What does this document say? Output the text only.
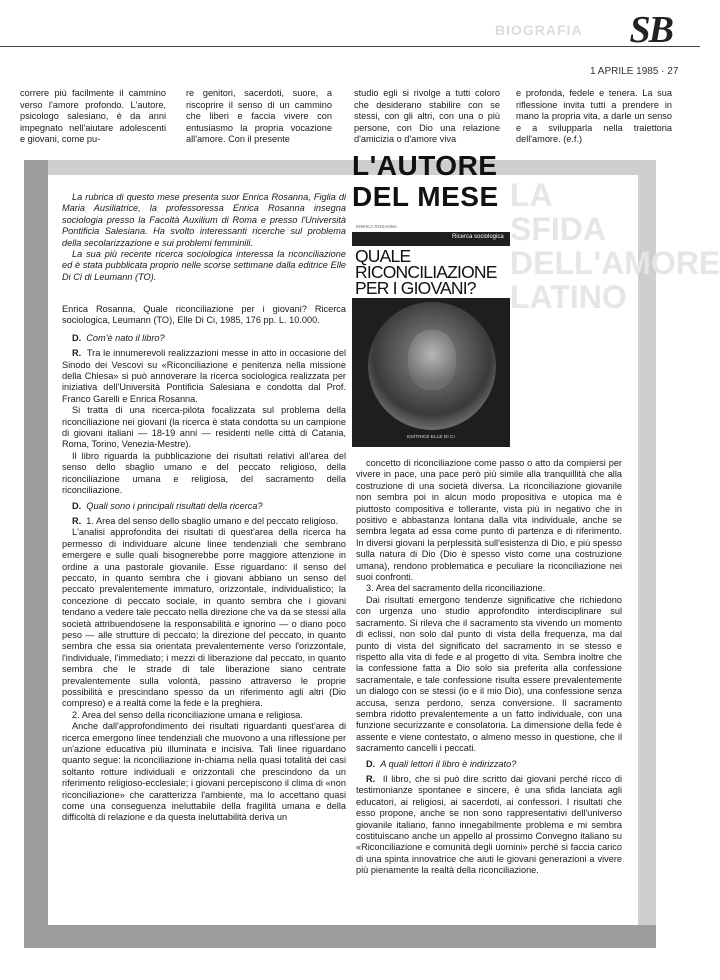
BIOGRAFIA SB
1 APRILE 1985 · 27

correre più facilmente il cammino verso l'amore profondo. L'autore, psicologo salesiano, è da anni impegnato nell'aiutare adolescenti e giovani, come pu-

re genitori, sacerdoti, suore, a riscoprire il senso di un cammino che liberi e faccia vivere con entusiasmo la propria vocazione all'amore. Con il presente

studio egli si rivolge a tutti coloro che desiderano stabilire con se stessi, con gli altri, con una o più persone, con Dio una relazione d'amicizia o d'amore viva

e profonda, fedele e tenera. La sua riflessione invita tutti a prendere in mano la propria vita, a darle un senso e a svilupparla nella traiettoria dell'amore. (e.f.)

LA SFIDA DELL'AMORE LATINO
L'AUTORE
DEL MESE

La rubrica di questo mese presenta suor Enrica Rosanna, Figlia di Maria Ausiliatrice, la professoressa Enrica Rosanna insegna sociologia presso la Facoltà Auxilium di Roma e presso l'Università Pontificia Salesiana. Ha svolto interessanti ricerche sul problema della secolarizzazione e sui problemi femminili.

La sua più recente ricerca sociologica interessa la riconciliazione ed è stata pubblicata proprio nelle scorse settimane dalla editrice Elle Di Ci di Leumann (TO).

ENRICA ROSANNA
Ricerca sociologica
QUALE RICONCILIAZIONE PER I GIOVANI?
EDITRICE ELLE DI CI

Enrica Rosanna, Quale riconciliazione per i giovani? Ricerca sociologica, Leumann (TO), Elle Di Ci, 1985, 176 pp. L. 10.000.

D. Com'è nato il libro?

R. Tra le innumerevoli realizzazioni messe in atto in occasione del Sinodo dei Vescovi su «Riconciliazione e penitenza nella missione della Chiesa» si può annoverare la ricerca sociologica realizzata per iniziativa dell'Università Pontificia Salesiana e condotta dal Prof. Franco Garelli e Enrica Rosanna.

Si tratta di una ricerca-pilota focalizzata sul problema della riconciliazione nei giovani (la ricerca è stata condotta su un campione di giovani italiani — 18-19 anni — residenti nelle città di Catania, Roma, Torino, Venezia-Mestre).

Il libro riguarda la pubblicazione dei risultati relativi all'area del senso dello sbaglio umano e del peccato religioso, della riconciliazione umana e religiosa, del sacramento della riconciliazione.

D. Quali sono i principali risultati della ricerca?

R. 1. Area del senso dello sbaglio umano e del peccato religioso.

L'analisi approfondita dei risultati di quest'area della ricerca ha permesso di individuare alcune linee tendenziali che sembrano emergere e sulle quali bisognerebbe porre maggiore attenzione in ordine a una pastorale giovanile. Esse riguardano: il senso del peccato, in quanto sembra che i giovani abbiano un senso del peccato prevalentemente immaturo, orizzontale, individualistico; la concezione di peccato sociale, in quanto sembra che i giovani tendano a vedere tale peccato nella direzione che va da se stessi alla società attribuendosene la responsabilità e ignorino — o diano poco peso — alle strutture di peccato; la direzione del peccato, in quanto sembra che essa sia orientata prevalentemente verso l'orizzontale, l'individuale, l'immediato; i mezzi di liberazione dal peccato, in quanto sembra che le strade di tale liberazione siano centrate prevalentemente sulla volontà, passino attraverso le proprie possibilità e prescindano spesso da un riferimento agli altri (Dio compreso) e a realtà come la fede e la preghiera.

2. Area del senso della riconciliazione umana e religiosa.

Anche dall'approfondimento dei risultati riguardanti quest'area di ricerca emergono linee tendenziali che muovono a una riflessione per un'azione educativa più illuminata e incisiva. Tali linee riguardano quanto segue: la riconciliazione in-chiama nella quasi totalità dei casi soltanto rotture individuali e orizzontali che prescindono da un riferimento religioso-ecclesiale; i giovani percepiscono il clima di «non riconciliazione» che caratterizza l'ambiente, ma lo accettano quasi come una conseguenza ineluttabile della fragilità umana e della difficoltà di relazione e da questa ineluttabilità deriva un

concetto di riconciliazione come passo o atto da compiersi per vivere in pace, una pace però più simile alla tranquillità che alla costruzione di una società diversa. La riconciliazione giovanile non sembra poi in alcun modo propositiva e utopica ma è piuttosto compositiva e tollerante, vista più in negativo che in positivo e abbastanza lontana dalla vita individuale, anche se sembra legata ad essa come punto di partenza e di riferimento. In diversi giovani la perplessità sull'esistenza di Dio, e più spesso sulla natura di Dio (Dio è spesso visto come una costruzione umana), rendono problematica e peculiare la riconciliazione nei suoi confronti.

3. Area del sacramento della riconciliazione.

Dai risultati emergono tendenze significative che richiedono con urgenza uno studio approfondito interdisciplinare sul sacramento. Si rileva che il sacramento sta vivendo un momento di eclissi, non solo dal punto di vista della frequenza, ma dal punto di vista del significato del sacramento in se stesso e rispetto alla vita di fede e al progetto di vita. Sembra inoltre che la confessione fatta a Dio solo sia preferita alla confessione sacramentale, e tale confessione risulta essere prevalentemente un dialogo con se stessi (io e il mio Dio), una confessione senza accusa, senza perdono, senza conversione. Il sacramento sembra ridotto prevalentemente a un fatto individuale, con una funzione securizzante e consolatoria. La dimensione della fede è assente e viene contestato, o almeno messo in questione, che il sacramento cancelli i peccati.

D. A quali lettori il libro è indirizzato?

R. Il libro, che si può dire scritto dai giovani perché ricco di testimonianze spontanee e sincere, è una sfida lanciata agli educatori, ai religiosi, ai sacerdoti, ai confessori. I risultati che esso propone, anche se non sono rappresentativi dell'universo giovanile italiano, fanno innegabilmente problema e mi sembra costituiscano anche un appello al prossimo Convegno italiano su «Riconciliazione e comunità degli uomini» perché si faccia carico di una spinta innovatrice che aiuti le giovani generazioni a vivere più pienamente la realtà della riconciliazione.
